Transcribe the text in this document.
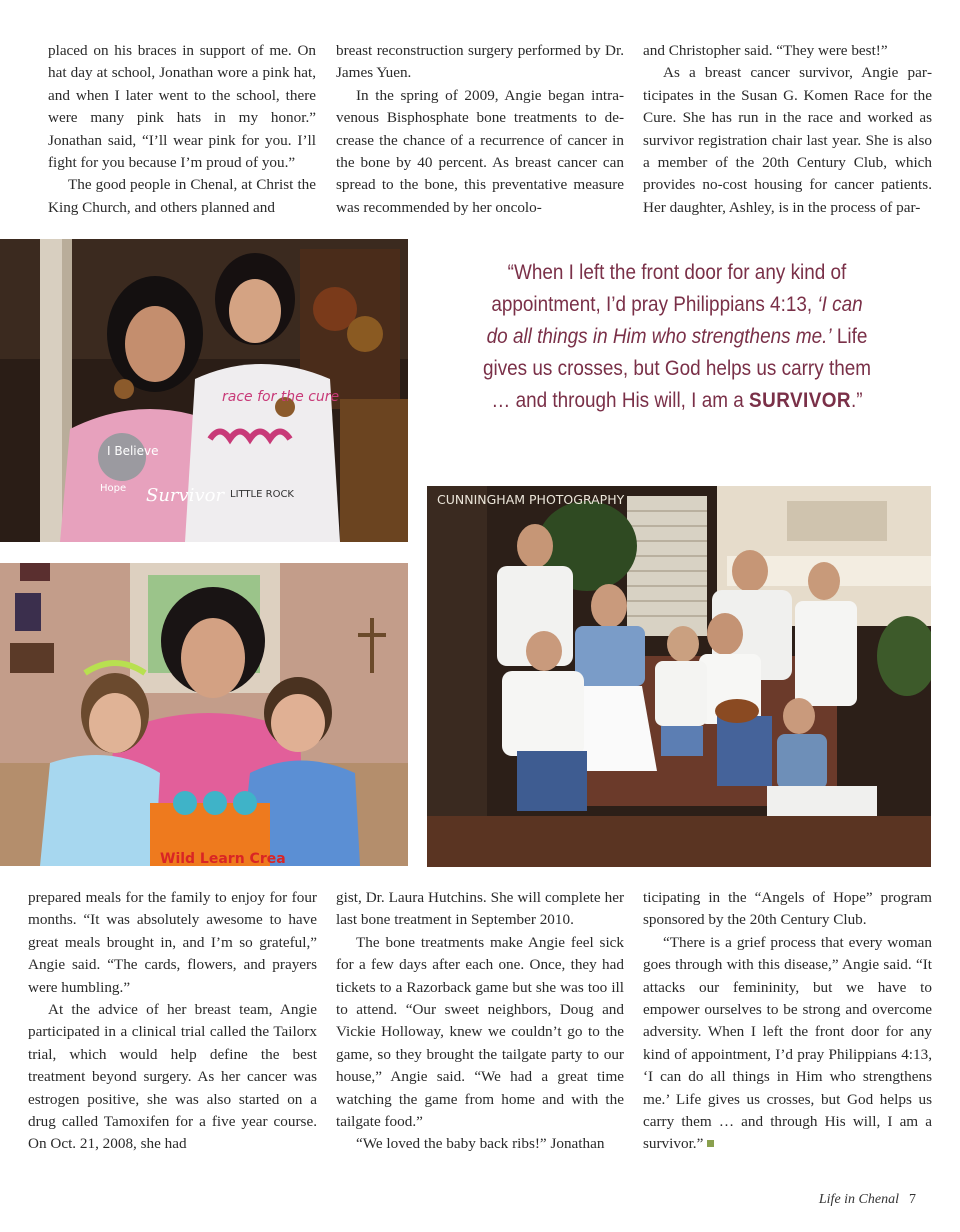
placed on his braces in support of me. On hat day at school, Jonathan wore a pink hat, and when I later went to the school, there were many pink hats in my honor.” Jonathan said, “I’ll wear pink for you. I’ll fight for you because I’m proud of you.”

The good people in Chenal, at Christ the King Church, and others planned and

breast reconstruction surgery performed by Dr. James Yuen.

In the spring of 2009, Angie began intravenous Bisphosphate bone treatments to decrease the chance of a recurrence of cancer in the bone by 40 percent. As breast cancer can spread to the bone, this preventative measure was recommended by her oncolo-

and Christopher said. “They were best!”

As a breast cancer survivor, Angie participates in the Susan G. Komen Race for the Cure. She has run in the race and worked as survivor registration chair last year. She is also a member of the 20th Century Club, which provides no-cost housing for cancer patients. Her daughter, Ashley, is in the process of par-

I Believe
Hope Survivor
race for the cure
LITTLE ROCK
“When I left the front door for any kind of appointment, I’d pray Philippians 4:13, ‘I can do all things in Him who strengthens me.’ Life gives us crosses, but God helps us carry them … and through His will, I am a SURVIVOR.”
Wild Learn Crea
CUNNINGHAM PHOTOGRAPHY

prepared meals for the family to enjoy for four months. “It was absolutely awesome to have great meals brought in, and I’m so grateful,” Angie said. “The cards, flowers, and prayers were humbling.”

At the advice of her breast team, Angie participated in a clinical trial called the Tailorx trial, which would help define the best treatment beyond surgery. As her cancer was estrogen positive, she was also started on a drug called Tamoxifen for a five year course. On Oct. 21, 2008, she had

gist, Dr. Laura Hutchins. She will complete her last bone treatment in September 2010.

The bone treatments make Angie feel sick for a few days after each one. Once, they had tickets to a Razorback game but she was too ill to attend. “Our sweet neighbors, Doug and Vickie Holloway, knew we couldn’t go to the game, so they brought the tailgate party to our house,” Angie said. “We had a great time watching the game from home and with the tailgate food.”

“We loved the baby back ribs!” Jonathan

ticipating in the “Angels of Hope” program sponsored by the 20th Century Club.

“There is a grief process that every woman goes through with this disease,” Angie said. “It attacks our femininity, but we have to empower ourselves to be strong and overcome adversity. When I left the front door for any kind of appointment, I’d pray Philippians 4:13, ‘I can do all things in Him who strengthens me.’ Life gives us crosses, but God helps us carry them … and through His will, I am a survivor.”

Life in Chenal 7
